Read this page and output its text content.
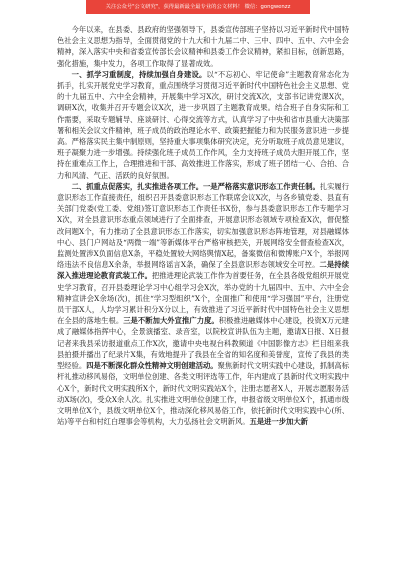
关注公众号"公文研究"，获得最新最全最专业的公文材料！ 微信：gongwenzz

今年以来，在县委、县政府的坚强领导下，县委宣传部班子坚持以习近平新时代中国特色社会主义思想为指导，全面贯彻党的十九大和十九届二中、三中、四中、五中、六中全会精神，深入落实中央和省委宣传部长会议精神和县委工作会议精神，紧扣目标，创新思路，强化措施，集中发力，各项工作取得了显著成效。

一、抓学习重制度，持续加强自身建设。以“不忘初心、牢记使命”主题教育常态化为抓手，扎实开展党史学习教育，重点围绕学习贯彻习近平新时代中国特色社会主义思想、党的十九届五中、六中全会精神，开展集中学习X次，研讨交流X次，支部书记讲党课X次，调研X次，收集并召开专题会议X次，进一步巩固了主题教育成果。结合班子自身实际和工作需要，采取专题辅导、座谈研讨、心得交流等方式，认真学习了中央和省市县重大决策部署和相关会议文件精神，班子成员的政治理论水平、政策把握能力和为民服务意识进一步提高。严格落实民主集中制原则，坚持重大事项集体研究决定，充分听取班子成员意见建议，班子凝聚力进一步增强。持续强化班子成员工作作风，全力支持班子成员大胆开展工作，坚持在重难点工作上，合理推进和干部、高效推进工作落实，形成了班子团结一心、合拍、合力和风清、气正、活跃的良好氛围。

二、抓重点促落实，扎实推进各项工作。一是严格落实意识形态工作责任制。扎实履行意识形态工作直接责任，组织召开县委意识形态工作联席会议X次，与各乡镇党委、县直有关部门党委(党工委、党组)签订意识形态工作责任书X份，参与县委意识形态工作专题学习X次，对全县意识形态重点领域进行了全面排查，开展意识形态领域专项检查X次，督促整改问题X个，有力推动了全县意识形态工作落实，切实加强意识形态阵地管理，对县融媒体中心、县门户网站及“两微一端”等新媒体平台严格审核把关，开展网络安全督查检查X次，监测处置涉X负面信息X条，平稳处置较大网络舆情X起，备案微信和微博账户X个，举报网络违法不良信息X余条，举报网络谣言X条，确保了全县意识形态领域安全可控。二是持续深入推进理论教育武装工作。把推进理论武装工作作为首要任务，在全县各级党组织开展党史学习教育，召开县委理论学习中心组学习会X次，举办党的十九届四中、五中、六中全会精神宣讲会X余场(次)，抓住“学习型组织”X个，全面推广和使用“学习强国”平台，注册党员干部X人，人均学习累计积分X分以上，有效推进了习近平新时代中国特色社会主义思想在全县的落地生根。三是不断加大外宣推广力度。积极推进融媒体中心建设，投资X万元建成了融媒体指挥中心，全景演播室、录音室，以院校宣讲队伍为主题，邀请X日报、X日报记者来我县采访报道重点工作X次，邀请中央电视台科教频道《中国影像方志》栏目组来我县拍摄并播出了纪录片X集，有效地提升了我县在全省的知名度和美誉度，宣传了我县的类型经验。四是不断深化群众性精神文明创建活动。聚焦新时代文明实践中心建设，抓制高标杆礼推动移风易俗，文明单位创建、各类文明评选等工作，年内建成了县新时代文明实践中心X个，新时代文明实践所X个，新时代文明实践站X个，注册志愿者X人，开展志愿服务活动X场(次)，受众X余人次。扎实推进文明单位创建工作，申报省级文明单位X个，抓通市级文明单位X个，县级文明单位X个，推动深化移风易俗工作，依托新时代文明实践中心(所、站)等平台和村红白理事会等机构，大力弘扬社会文明新风。五是进一步加大新
